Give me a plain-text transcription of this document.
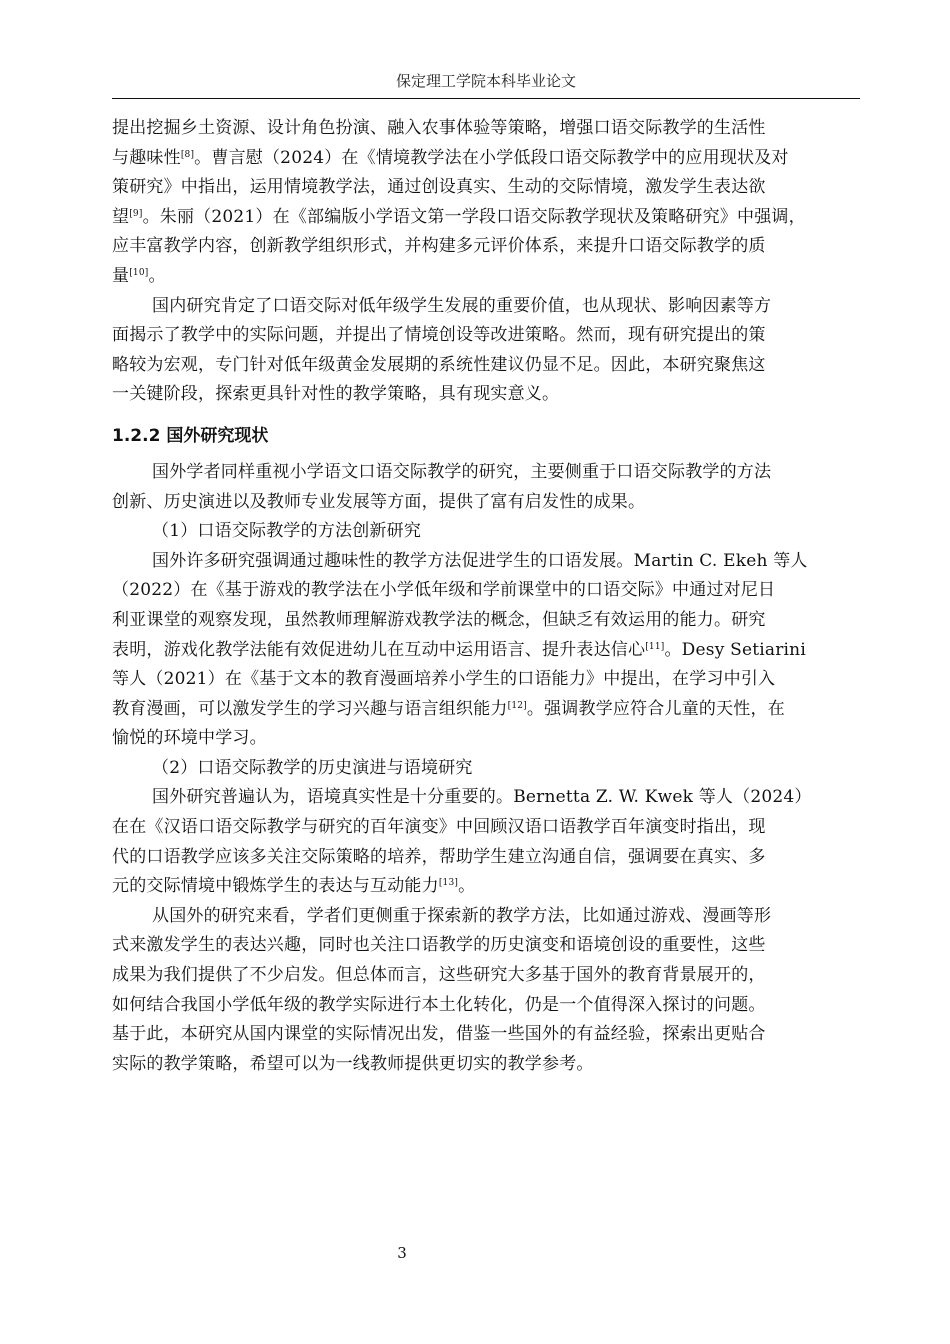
保定理工学院本科毕业论文
提出挖掘乡土资源、设计角色扮演、融入农事体验等策略，增强口语交际教学的生活性
与趣味性[8]。曹言慰（2024）在《情境教学法在小学低段口语交际教学中的应用现状及对
策研究》中指出，运用情境教学法，通过创设真实、生动的交际情境，激发学生表达欲
望[9]。朱丽（2021）在《部编版小学语文第一学段口语交际教学现状及策略研究》中强调，
应丰富教学内容，创新教学组织形式，并构建多元评价体系，来提升口语交际教学的质
量[10]。
国内研究肯定了口语交际对低年级学生发展的重要价值，也从现状、影响因素等方
面揭示了教学中的实际问题，并提出了情境创设等改进策略。然而，现有研究提出的策
略较为宏观，专门针对低年级黄金发展期的系统性建议仍显不足。因此，本研究聚焦这
一关键阶段，探索更具针对性的教学策略，具有现实意义。
1.2.2 国外研究现状
国外学者同样重视小学语文口语交际教学的研究，主要侧重于口语交际教学的方法
创新、历史演进以及教师专业发展等方面，提供了富有启发性的成果。
（1）口语交际教学的方法创新研究
国外许多研究强调通过趣味性的教学方法促进学生的口语发展。Martin C. Ekeh 等人
（2022）在《基于游戏的教学法在小学低年级和学前课堂中的口语交际》中通过对尼日
利亚课堂的观察发现，虽然教师理解游戏教学法的概念，但缺乏有效运用的能力。研究
表明，游戏化教学法能有效促进幼儿在互动中运用语言、提升表达信心[11]。Desy Setiarini
等人（2021）在《基于文本的教育漫画培养小学生的口语能力》中提出，在学习中引入
教育漫画，可以激发学生的学习兴趣与语言组织能力[12]。强调教学应符合儿童的天性，在
愉悦的环境中学习。
（2）口语交际教学的历史演进与语境研究
国外研究普遍认为，语境真实性是十分重要的。Bernetta Z. W. Kwek 等人（2024）
在在《汉语口语交际教学与研究的百年演变》中回顾汉语口语教学百年演变时指出，现
代的口语教学应该多关注交际策略的培养，帮助学生建立沟通自信，强调要在真实、多
元的交际情境中锻炼学生的表达与互动能力[13]。
从国外的研究来看，学者们更侧重于探索新的教学方法，比如通过游戏、漫画等形
式来激发学生的表达兴趣，同时也关注口语教学的历史演变和语境创设的重要性，这些
成果为我们提供了不少启发。但总体而言，这些研究大多基于国外的教育背景展开的，
如何结合我国小学低年级的教学实际进行本土化转化，仍是一个值得深入探讨的问题。
基于此，本研究从国内课堂的实际情况出发，借鉴一些国外的有益经验，探索出更贴合
实际的教学策略，希望可以为一线教师提供更切实的教学参考。
3
